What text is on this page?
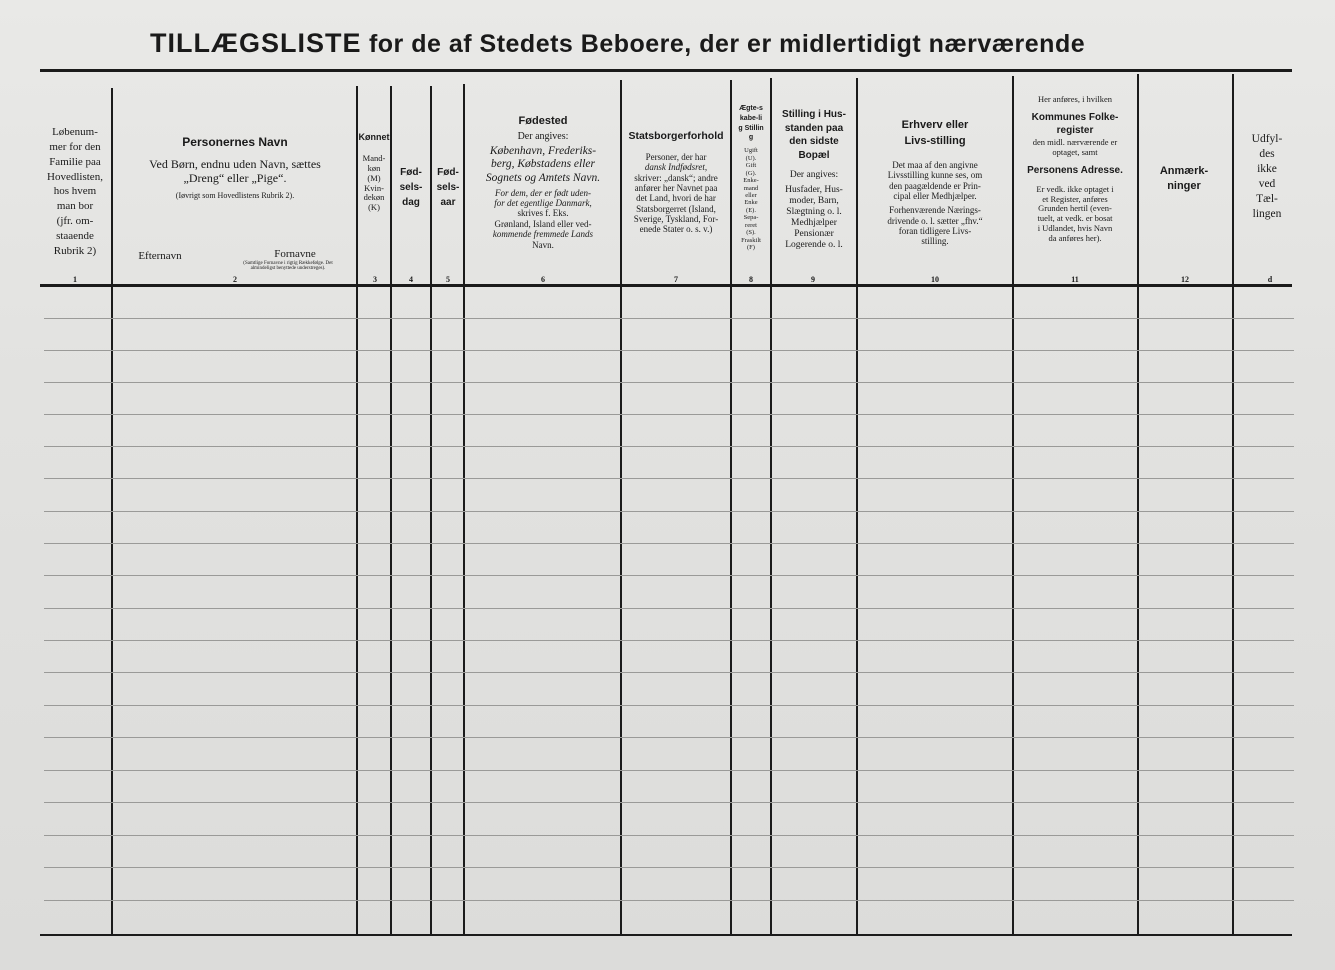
TILLÆGSLISTE for de af Stedets Beboere, der er midlertidigt nærværende
Løbenum-
mer for den
Familie paa
Hovedlisten,
hos hvem
man bor
(jfr. om-
staaende
Rubrik 2)
1
Personernes Navn
Ved Børn, endnu uden Navn, sættes
„Dreng“ eller „Pige“.
(Iøvrigt som Hovedlistens Rubrik 2).
Efternavn	Fornavne
(Samtlige Fornavne i rigtig Rækkefølge. Det almindeligst benyttede understreges).
2
Kønnet
Mand-
køn
(M)
Kvin-
dekøn
(K)
3
Fød-sels-dag
4
Fød-sels-aar
5
Fødested
Der angives:
København, Frederiks-
berg, Købstadens eller
Sognets og Amtets Navn.
For dem, der er født uden-
for det egentlige Danmark,
skrives f. Eks.
Grønland, Island eller ved-
kommende fremmede Lands
Navn.
6
Statsborgerforhold
Personer, der har
dansk Indfødsret,
skriver: „dansk“; andre
anfører her Navnet paa
det Land, hvori de har
Statsborgerret (Island,
Sverige, Tyskland, For-
enede Stater o. s. v.)
7
Ægte-skabe-lig Stilling
Ugift
(U).
Gift
(G).
Enke-
mand
eller
Enke
(E).
Sepa-
reret
(S).
Fraskilt
(F)
8
Stilling i Hus-standen paa den sidste Bopæl
Der angives:
Husfader, Hus-
moder, Barn,
Slægtning o. l.
Medhjælper
Pensionær
Logerende o. l.
9
Erhverv eller Livs-stilling
Det maa af den angivne
Livsstilling kunne ses, om
den paagældende er Prin-
cipal eller Medhjælper.
Forhenværende Nærings-
drivende o. l. sætter „fhv.“
foran tidligere Livs-
stilling.
10
Her anføres, i hvilken
Kommunes Folke-register
den midl. nærværende er optaget, samt
Personens Adresse.
Er vedk. ikke optaget i
et Register, anføres
Grunden hertil (even-
tuelt, at vedk. er bosat
i Udlandet, hvis Navn
da anføres her).
11
Anmærk-ninger
12
Udfyl-
des
ikke
ved
Tæl-
lingen
d
